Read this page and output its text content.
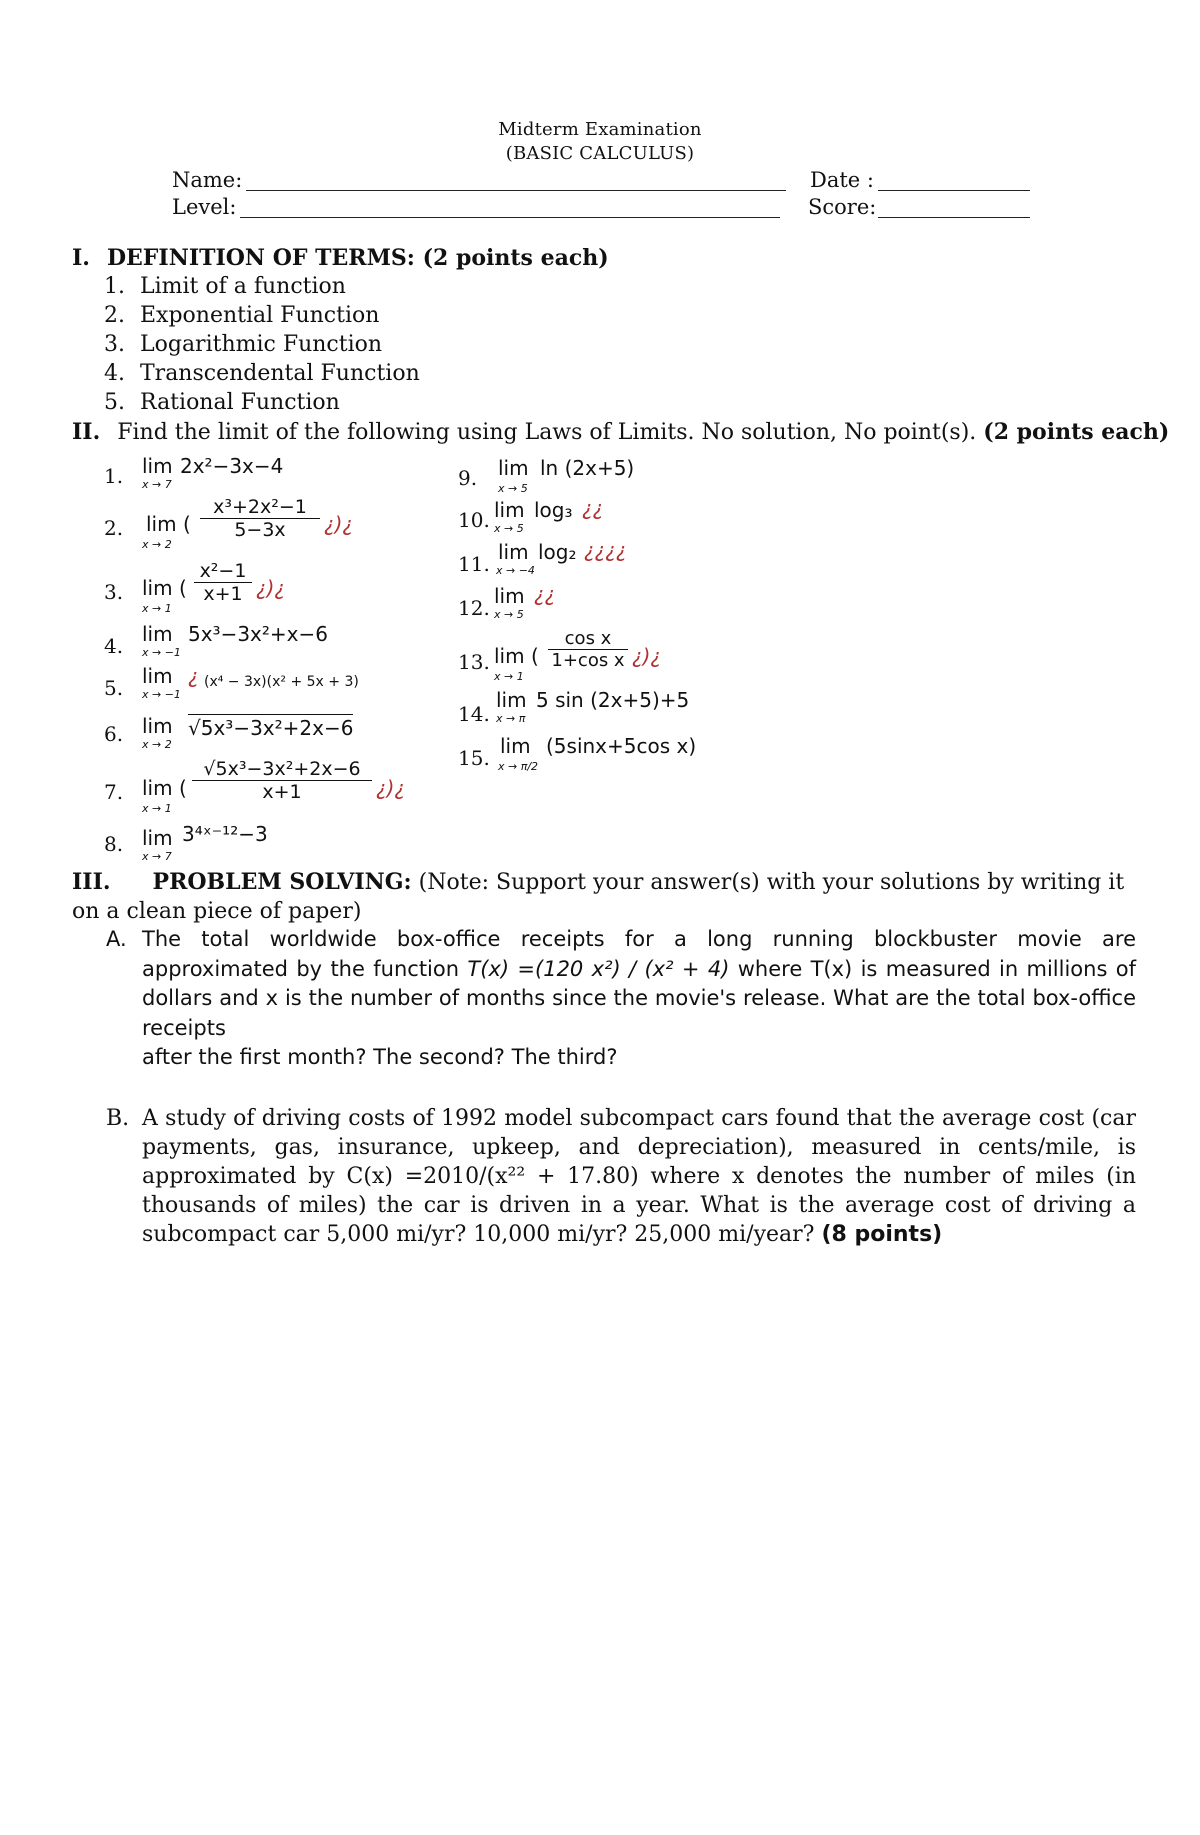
Midterm Examination
(BASIC CALCULUS)
Name:	Date :
Level:	Score:
I. DEFINITION OF TERMS: (2 points each)
1. Limit of a function
2. Exponential Function
3. Logarithmic Function
4. Transcendental Function
5. Rational Function
II. Find the limit of the following using Laws of Limits. No solution, No point(s). (2 points each)
1. lim
x → 7
2x²−3x−4
2. lim (
x → 2
$\frac{\text{x³+2x²−1}}{5-3x}$ ¿)¿
3. lim (
x → 1
$\frac{\text{x²−1}}{x+1}$ ¿)¿
4. lim
x → −1
5x³−3x²+x−6
5. lim
x → −1
¿ (x⁴ − 3x)(x² + 5x + 3)
6. lim
x → 2
√5x³−3x²+2x−6
7. lim (
x → 1
$\frac{\text{√5x³−3x²+2x−6}}{x+1}$ ¿)¿
8. lim
x → 7
3⁴ˣ⁻¹²−3
9. lim
x → 5
ln (2x+5)
10. lim
x → 5
log₃ ¿¿
11. lim
x → −4
log₂ ¿¿¿¿
12. lim
x → 5
¿¿
13. lim (
x → 1
$\frac{\text{cos x}}{\text{1+cos x}}$ ¿)¿
14.
lim
x → π
5 sin (2x+5)+5
15. lim
x → π/2
(5sinx+5cos x)
III. PROBLEM SOLVING: (Note: Support your answer(s) with your solutions by writing it on a clean piece of paper)
A. The total worldwide box-office receipts for a long running blockbuster movie are approximated by the function T(x) =(120 x²) / (x² + 4) where T(x) is measured in millions of dollars and x is the number of months since the movie's release. What are the total box-office receipts
after the first month? The second? The third?
B. A study of driving costs of 1992 model subcompact cars found that the average cost (car payments, gas, insurance, upkeep, and depreciation), measured in cents/mile, is approximated by C(x) =2010/(x²² + 17.80) where x denotes the number of miles (in thousands of miles) the car is driven in a year. What is the average cost of driving a subcompact car 5,000 mi/yr? 10,000 mi/yr? 25,000 mi/year? (8 points)
